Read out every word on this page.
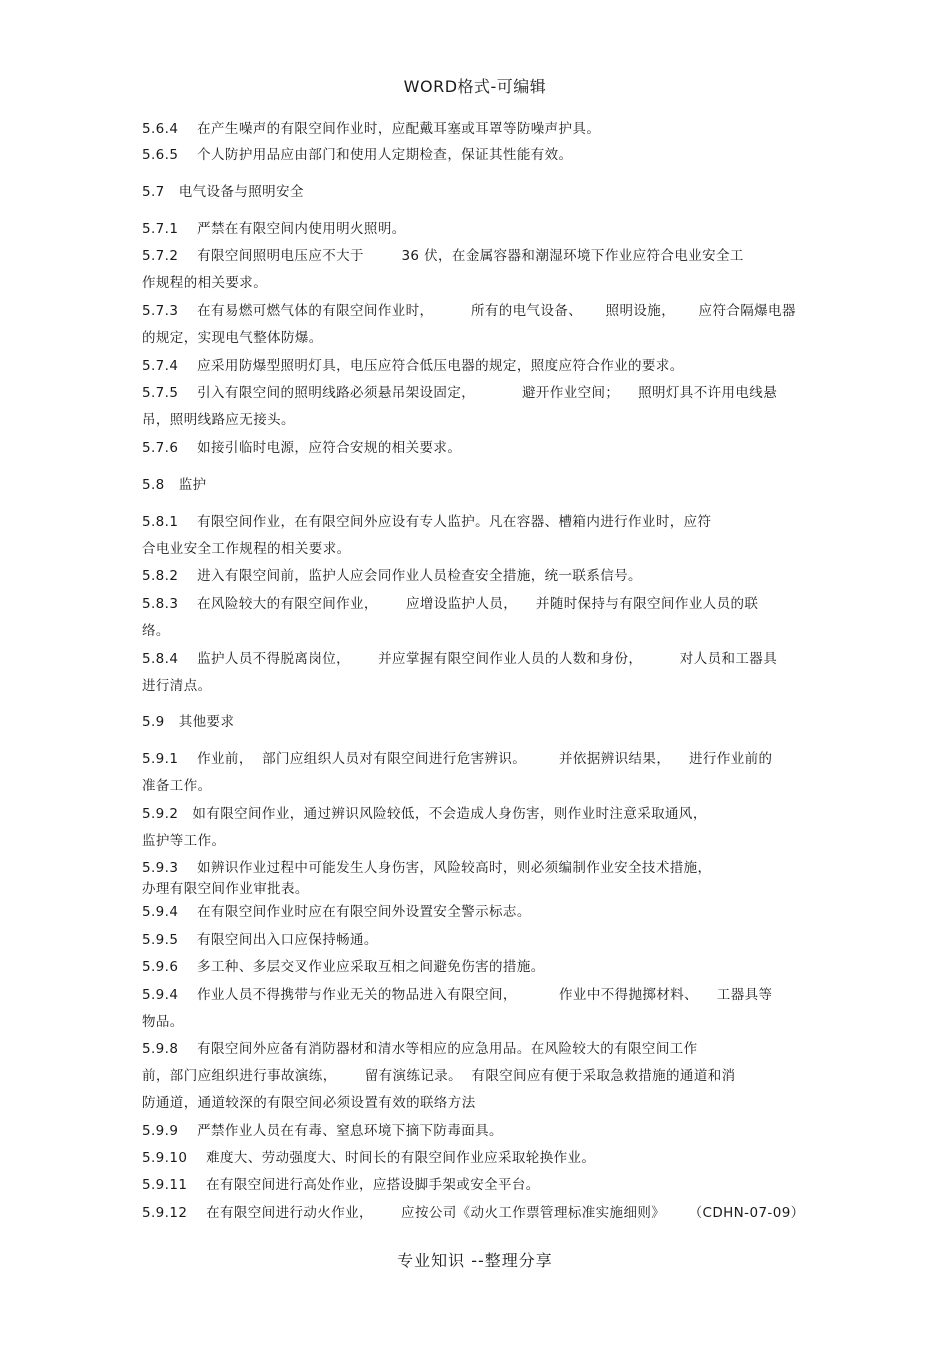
WORD格式-可编辑
5.6.4    在产生噪声的有限空间作业时，应配戴耳塞或耳罩等防噪声护具。
5.6.5    个人防护用品应由部门和使用人定期检查，保证其性能有效。
5.7   电气设备与照明安全
5.7.1    严禁在有限空间内使用明火照明。
5.7.2    有限空间照明电压应不大于        36 伏，在金属容器和潮湿环境下作业应符合电业安全工
作规程的相关要求。
5.7.3    在有易燃可燃气体的有限空间作业时，        所有的电气设备、     照明设施，     应符合隔爆电器
的规定，实现电气整体防爆。
5.7.4    应采用防爆型照明灯具，电压应符合低压电器的规定，照度应符合作业的要求。
5.7.5    引入有限空间的照明线路必须悬吊架设固定，          避开作业空间；    照明灯具不许用电线悬
吊，照明线路应无接头。
5.7.6    如接引临时电源，应符合安规的相关要求。
5.8   监护
5.8.1    有限空间作业，在有限空间外应设有专人监护。凡在容器、槽箱内进行作业时，应符
合电业安全工作规程的相关要求。
5.8.2    进入有限空间前，监护人应会同作业人员检查安全措施，统一联系信号。
5.8.3    在风险较大的有限空间作业，      应增设监护人员，    并随时保持与有限空间作业人员的联
络。
5.8.4    监护人员不得脱离岗位，      并应掌握有限空间作业人员的人数和身份，        对人员和工器具
进行清点。
5.9   其他要求
5.9.1    作业前，  部门应组织人员对有限空间进行危害辨识。       并依据辨识结果，    进行作业前的
准备工作。
5.9.2   如有限空间作业，通过辨识风险较低，不会造成人身伤害，则作业时注意采取通风，
监护等工作。
5.9.3    如辨识作业过程中可能发生人身伤害，风险较高时，则必须编制作业安全技术措施，
办理有限空间作业审批表。
5.9.4    在有限空间作业时应在有限空间外设置安全警示标志。
5.9.5    有限空间出入口应保持畅通。
5.9.6    多工种、多层交叉作业应采取互相之间避免伤害的措施。
5.9.4    作业人员不得携带与作业无关的物品进入有限空间，         作业中不得抛掷材料、    工器具等
物品。
5.9.8    有限空间外应备有消防器材和清水等相应的应急用品。在风险较大的有限空间工作
前，部门应组织进行事故演练，      留有演练记录。  有限空间应有便于采取急救措施的通道和消
防通道，通道较深的有限空间必须设置有效的联络方法
5.9.9    严禁作业人员在有毒、窒息环境下摘下防毒面具。
5.9.10    难度大、劳动强度大、时间长的有限空间作业应采取轮换作业。
5.9.11    在有限空间进行高处作业，应搭设脚手架或安全平台。
5.9.12    在有限空间进行动火作业，      应按公司《动火工作票管理标准实施细则》     （CDHN-07-09）
专业知识 --整理分享
